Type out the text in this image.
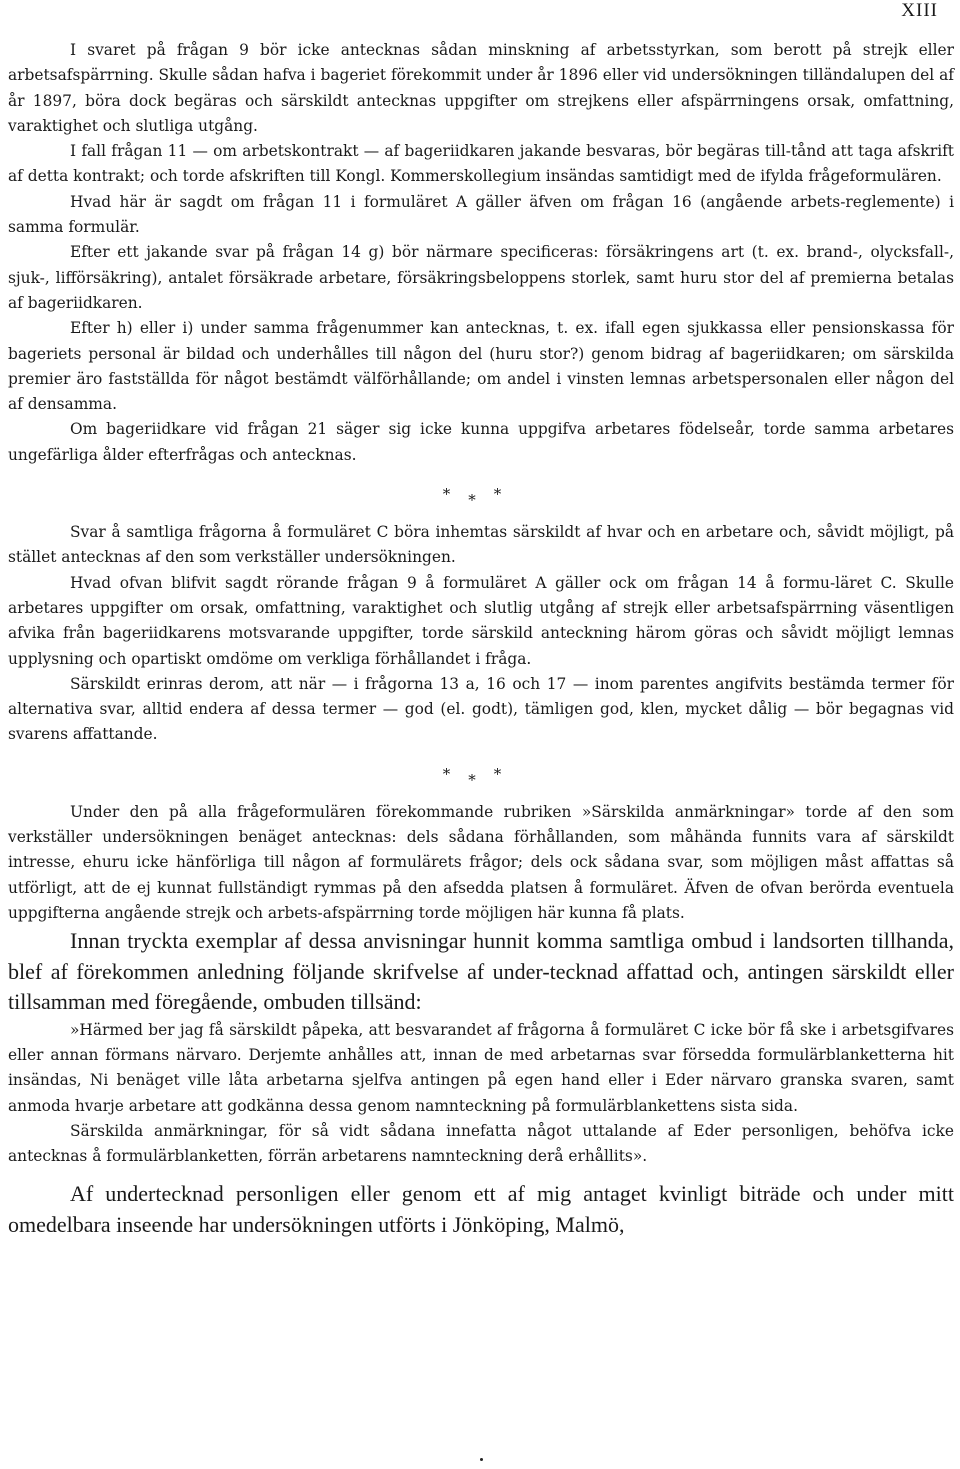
XIII

I svaret på frågan 9 bör icke antecknas sådan minskning af arbetsstyrkan, som berott på strejk eller arbetsafspärrning. Skulle sådan hafva i bageriet förekommit under år 1896 eller vid undersökningen tilländalupen del af år 1897, böra dock begäras och särskildt antecknas uppgifter om strejkens eller afspärrningens orsak, omfattning, varaktighet och slutliga utgång.

I fall frågan 11 — om arbetskontrakt — af bageriidkaren jakande besvaras, bör begäras till-tånd att taga afskrift af detta kontrakt; och torde afskriften till Kongl. Kommerskollegium insändas samtidigt med de ifylda frågeformulären.

Hvad här är sagdt om frågan 11 i formuläret A gäller äfven om frågan 16 (angående arbets-reglemente) i samma formulär.

Efter ett jakande svar på frågan 14 g) bör närmare specificeras: försäkringens art (t. ex. brand-, olycksfall-, sjuk-, lifförsäkring), antalet försäkrade arbetare, försäkringsbeloppens storlek, samt huru stor del af premierna betalas af bageriidkaren.

Efter h) eller i) under samma frågenummer kan antecknas, t. ex. ifall egen sjukkassa eller pensionskassa för bageriets personal är bildad och underhålles till någon del (huru stor?) genom bidrag af bageriidkaren; om särskilda premier äro fastställda för något bestämdt välförhållande; om andel i vinsten lemnas arbetspersonalen eller någon del af densamma.

Om bageriidkare vid frågan 21 säger sig icke kunna uppgifva arbetares födelseår, torde samma arbetares ungefärliga ålder efterfrågas och antecknas.

***

Svar å samtliga frågorna å formuläret C böra inhemtas särskildt af hvar och en arbetare och, såvidt möjligt, på stället antecknas af den som verkställer undersökningen.

Hvad ofvan blifvit sagdt rörande frågan 9 å formuläret A gäller ock om frågan 14 å formu-läret C. Skulle arbetares uppgifter om orsak, omfattning, varaktighet och slutlig utgång af strejk eller arbetsafspärrning väsentligen afvika från bageriidkarens motsvarande uppgifter, torde särskild anteckning härom göras och såvidt möjligt lemnas upplysning och opartiskt omdöme om verkliga förhållandet i fråga.

Särskildt erinras derom, att när — i frågorna 13 a, 16 och 17 — inom parentes angifvits bestämda termer för alternativa svar, alltid endera af dessa termer — god (el. godt), tämligen god, klen, mycket dålig — bör begagnas vid svarens affattande.

***

Under den på alla frågeformulären förekommande rubriken »Särskilda anmärkningar» torde af den som verkställer undersökningen benäget antecknas: dels sådana förhållanden, som måhända funnits vara af särskildt intresse, ehuru icke hänförliga till någon af formulärets frågor; dels ock sådana svar, som möjligen måst affattas så utförligt, att de ej kunnat fullständigt rymmas på den afsedda platsen å formuläret. Äfven de ofvan berörda eventuela uppgifterna angående strejk och arbets-afspärrning torde möjligen här kunna få plats.

Innan tryckta exemplar af dessa anvisningar hunnit komma samtliga ombud i landsorten tillhanda, blef af förekommen anledning följande skrifvelse af under-tecknad affattad och, antingen särskildt eller tillsamman med föregående, ombuden tillsänd:

»Härmed ber jag få särskildt påpeka, att besvarandet af frågorna å formuläret C icke bör få ske i arbetsgifvares eller annan förmans närvaro. Derjemte anhålles att, innan de med arbetarnas svar försedda formulärblanketterna hit insändas, Ni benäget ville låta arbetarna sjelfva antingen på egen hand eller i Eder närvaro granska svaren, samt anmoda hvarje arbetare att godkänna dessa genom namnteckning på formulärblankettens sista sida.

Särskilda anmärkningar, för så vidt sådana innefatta något uttalande af Eder personligen, behöfva icke antecknas å formulärblanketten, förrän arbetarens namnteckning derå erhållits».

Af undertecknad personligen eller genom ett af mig antaget kvinligt biträde och under mitt omedelbara inseende har undersökningen utförts i Jönköping, Malmö,
